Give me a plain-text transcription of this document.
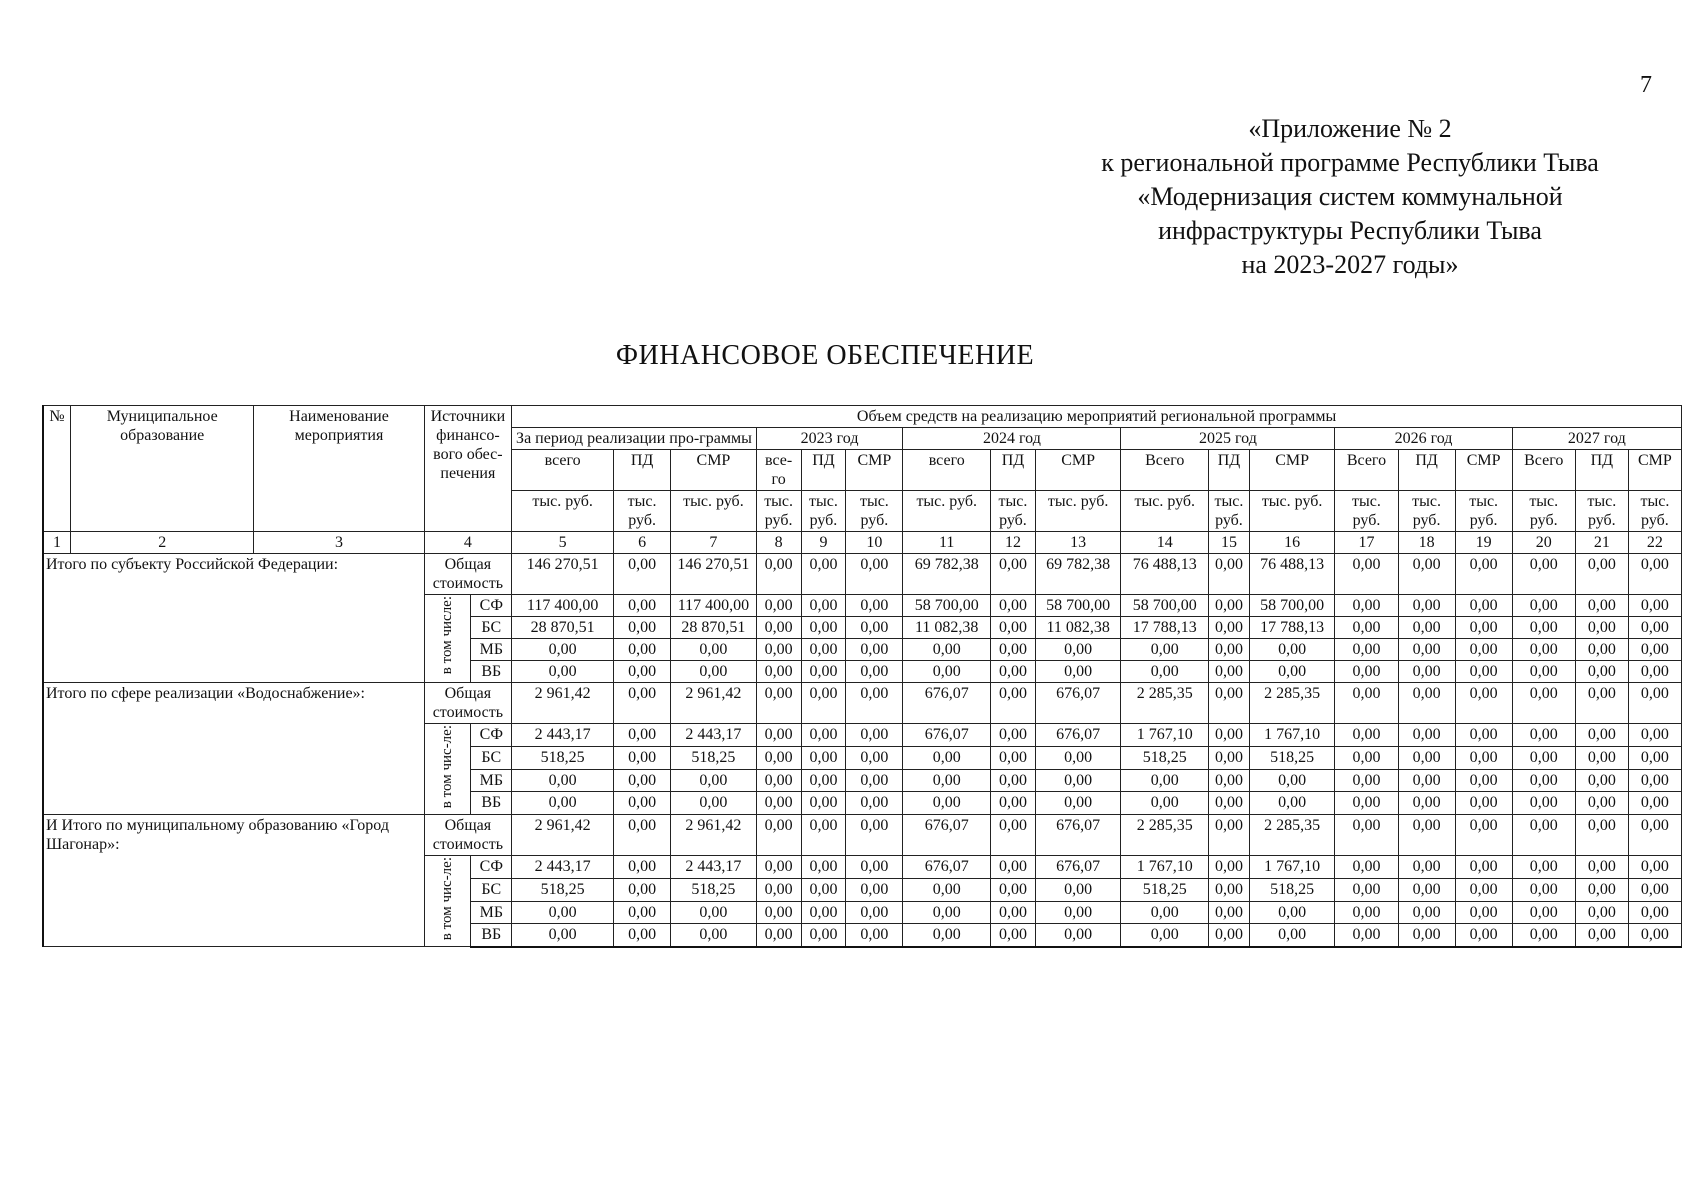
7
«Приложение № 2
к региональной программе Республики Тыва
«Модернизация систем коммунальной
инфраструктуры Республики Тыва
на 2023-2027 годы»
ФИНАНСОВОЕ ОБЕСПЕЧЕНИЕ
№	Муниципальное образование	Наименование мероприятия	Источники финансо-вого обес-печения		Объем средств на реализацию мероприятий региональной программы																	
					За период реализации про-граммы			2023 год			2024 год			2025 год			2026 год			2027 год		
					всего	ПД	СМР	все-го	ПД	СМР	всего	ПД	СМР	Всего	ПД	СМР	Всего	ПД	СМР	Всего	ПД	СМР
					тыс. руб.	тыс. руб.	тыс. руб.	тыс. руб.	тыс. руб.	тыс. руб.	тыс. руб.	тыс. руб.	тыс. руб.	тыс. руб.	тыс. руб.	тыс. руб.	тыс. руб.	тыс. руб.	тыс. руб.	тыс. руб.	тыс. руб.	тыс. руб.
1	2	3	4		5	6	7	8	9	10	11	12	13	14	15	16	17	18	19	20	21	22
Итого по субъекту Российской Федерации:			Общая стоимость		146 270,51	0,00	146 270,51	0,00	0,00	0,00	69 782,38	0,00	69 782,38	76 488,13	0,00	76 488,13	0,00	0,00	0,00	0,00	0,00	0,00
			в том числе:	СФ	117 400,00	0,00	117 400,00	0,00	0,00	0,00	58 700,00	0,00	58 700,00	58 700,00	0,00	58 700,00	0,00	0,00	0,00	0,00	0,00	0,00
				БС	28 870,51	0,00	28 870,51	0,00	0,00	0,00	11 082,38	0,00	11 082,38	17 788,13	0,00	17 788,13	0,00	0,00	0,00	0,00	0,00	0,00
				МБ	0,00	0,00	0,00	0,00	0,00	0,00	0,00	0,00	0,00	0,00	0,00	0,00	0,00	0,00	0,00	0,00	0,00	0,00
				ВБ	0,00	0,00	0,00	0,00	0,00	0,00	0,00	0,00	0,00	0,00	0,00	0,00	0,00	0,00	0,00	0,00	0,00	0,00
Итого по сфере реализации «Водоснабжение»:			Общая стоимость		2 961,42	0,00	2 961,42	0,00	0,00	0,00	676,07	0,00	676,07	2 285,35	0,00	2 285,35	0,00	0,00	0,00	0,00	0,00	0,00
			в том чис-ле:	СФ	2 443,17	0,00	2 443,17	0,00	0,00	0,00	676,07	0,00	676,07	1 767,10	0,00	1 767,10	0,00	0,00	0,00	0,00	0,00	0,00
				БС	518,25	0,00	518,25	0,00	0,00	0,00	0,00	0,00	0,00	518,25	0,00	518,25	0,00	0,00	0,00	0,00	0,00	0,00
				МБ	0,00	0,00	0,00	0,00	0,00	0,00	0,00	0,00	0,00	0,00	0,00	0,00	0,00	0,00	0,00	0,00	0,00	0,00
				ВБ	0,00	0,00	0,00	0,00	0,00	0,00	0,00	0,00	0,00	0,00	0,00	0,00	0,00	0,00	0,00	0,00	0,00	0,00
И Итого по муниципальному образованию «Город Шагонар»:			Общая стоимость		2 961,42	0,00	2 961,42	0,00	0,00	0,00	676,07	0,00	676,07	2 285,35	0,00	2 285,35	0,00	0,00	0,00	0,00	0,00	0,00
			в том чис-ле:	СФ	2 443,17	0,00	2 443,17	0,00	0,00	0,00	676,07	0,00	676,07	1 767,10	0,00	1 767,10	0,00	0,00	0,00	0,00	0,00	0,00
				БС	518,25	0,00	518,25	0,00	0,00	0,00	0,00	0,00	0,00	518,25	0,00	518,25	0,00	0,00	0,00	0,00	0,00	0,00
				МБ	0,00	0,00	0,00	0,00	0,00	0,00	0,00	0,00	0,00	0,00	0,00	0,00	0,00	0,00	0,00	0,00	0,00	0,00
				ВБ	0,00	0,00	0,00	0,00	0,00	0,00	0,00	0,00	0,00	0,00	0,00	0,00	0,00	0,00	0,00	0,00	0,00	0,00
